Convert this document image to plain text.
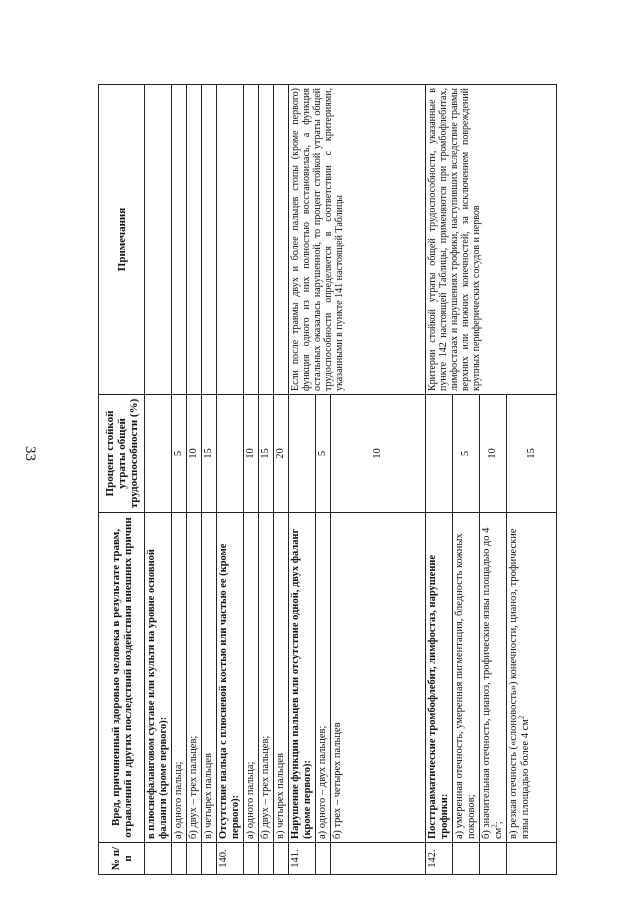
33
№ п/п	Вред, причиненный здоровью человека в результате травм, отравлений и других последствий воздействия внешних причин	Процент стойкой утраты общей трудоспособности (%)	Примечания
	в плюснефаланговом суставе или культя на уровне основной фаланги (кроме первого):		
	а) одного пальца;	5	
	б) двух – трех пальцев;	10	
	в) четырех пальцев	15	
140.	Отсутствие пальца с плюсневой костью или частью ее (кроме первого):		
	а) одного пальца;	10	
	б) двух – трех пальцев;	15	
	в) четырех пальцев	20	
141.	Нарушение функции пальцев или отсутствие одной, двух фаланг (кроме первого):		Если после травмы двух и более пальцев стопы (кроме первого) функция одного из них полностью восстановилась, а функция остальных оказалась нарушенной, то процент стойкой утраты общей трудоспособности определяется в соответствии с критериями, указанными в пункте 141 настоящей Таблицы
	а) одного – двух пальцев;	5	
	б) трех – четырех пальцев	10	
142.	Посттравматические тромбофлебит, лимфостаз, нарушение трофики:		Критерии стойкой утраты общей трудоспособности, указанные в пункте 142 настоящей Таблицы, применяются при тромбофлебитах, лимфостазах и нарушениях трофики, наступивших вследствие травмы верхних или нижних конечностей, за исключением повреждений крупных периферических сосудов и нервов
	а) умеренная отечность, умеренная пигментация, бледность кожных покровов;	5	
	б) значительная отечность, цианоз, трофические язвы площадью до 4 $см^2$;	10	
	в) резкая отечность («слоновость») конечности, цианоз, трофические язвы площадью более 4 $см^2$	15	
